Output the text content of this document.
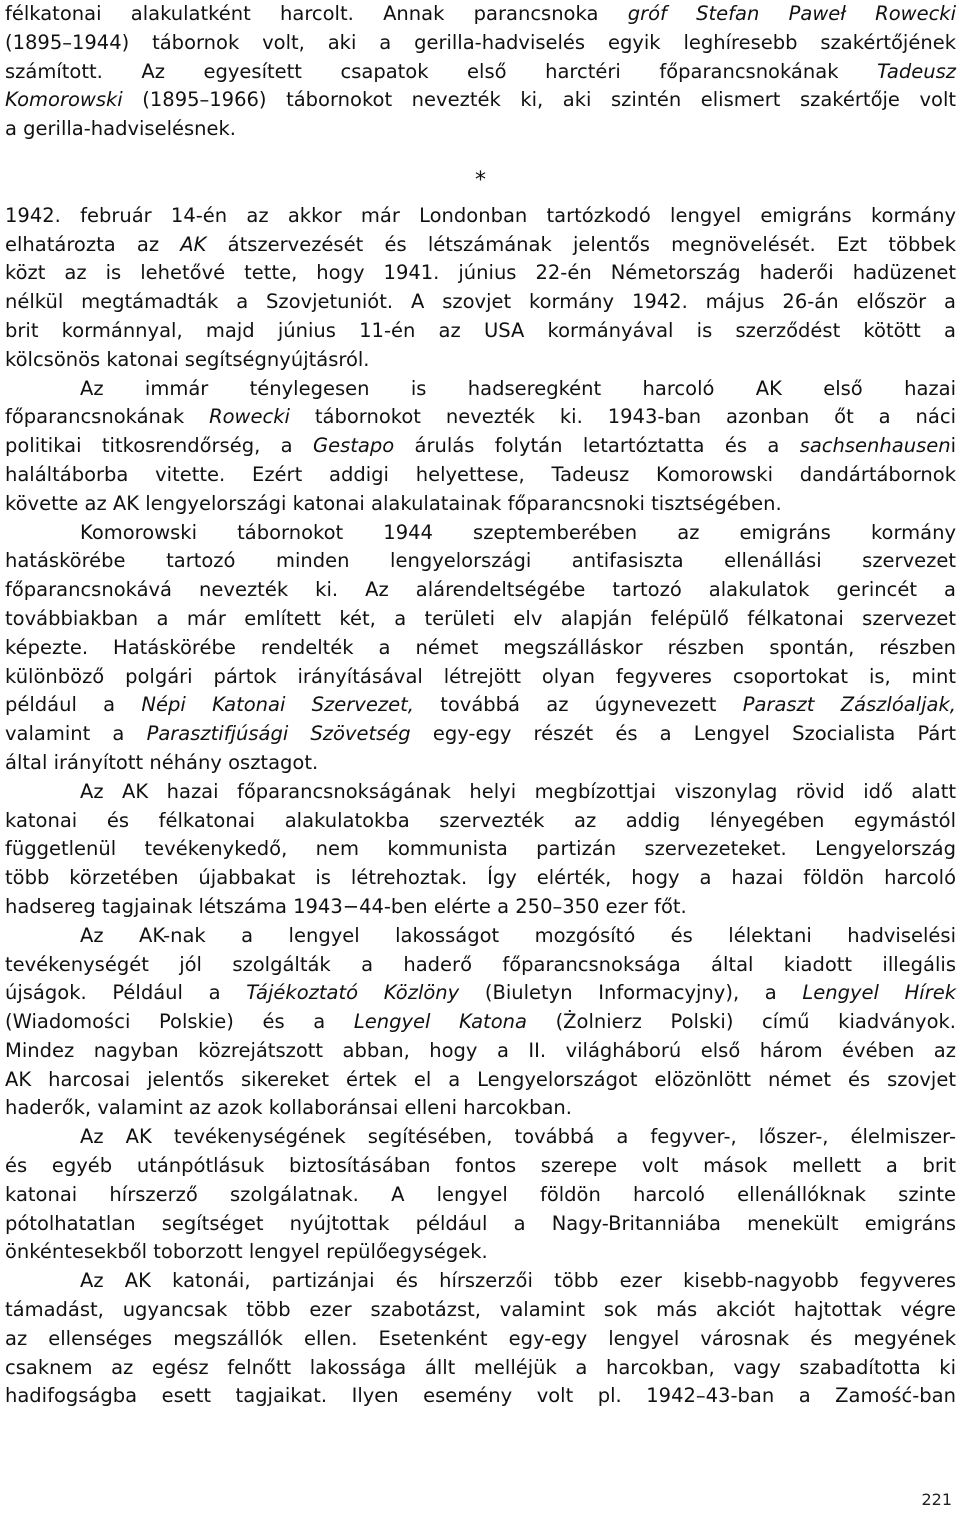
félkatonai alakulatként harcolt. Annak parancsnoka gróf Stefan Paweł Rowecki
(1895–1944) tábornok volt, aki a gerilla-hadviselés egyik leghíresebb szakértőjének
számított. Az egyesített csapatok első harctéri főparancsnokának Tadeusz
Komorowski (1895–1966) tábornokot nevezték ki, aki szintén elismert szakértője volt
a gerilla-hadviselésnek.
*
1942. február 14-én az akkor már Londonban tartózkodó lengyel emigráns kormány
elhatározta az AK átszervezését és létszámának jelentős megnövelését. Ezt többek
közt az is lehetővé tette, hogy 1941. június 22-én Németország haderői hadüzenet
nélkül megtámadták a Szovjetuniót. A szovjet kormány 1942. május 26-án először a
brit kormánnyal, majd június 11-én az USA kormányával is szerződést kötött a
kölcsönös katonai segítségnyújtásról.
Az immár ténylegesen is hadseregként harcoló AK első hazai
főparancsnokának Rowecki tábornokot nevezték ki. 1943-ban azonban őt a náci
politikai titkosrendőrség, a Gestapo árulás folytán letartóztatta és a sachsenhauseni
haláltáborba vitette. Ezért addigi helyettese, Tadeusz Komorowski dandártábornok
követte az AK lengyelországi katonai alakulatainak főparancsnoki tisztségében.
Komorowski tábornokot 1944 szeptemberében az emigráns kormány
hatáskörébe tartozó minden lengyelországi antifasiszta ellenállási szervezet
főparancsnokává nevezték ki. Az alárendeltségébe tartozó alakulatok gerincét a
továbbiakban a már említett két, a területi elv alapján felépülő félkatonai szervezet
képezte. Hatáskörébe rendelték a német megszálláskor részben spontán, részben
különböző polgári pártok irányításával létrejött olyan fegyveres csoportokat is, mint
például a Népi Katonai Szervezet, továbbá az úgynevezett Paraszt Zászlóaljak,
valamint a Parasztifjúsági Szövetség egy-egy részét és a Lengyel Szocialista Párt
által irányított néhány osztagot.
Az AK hazai főparancsnokságának helyi megbízottjai viszonylag rövid idő alatt
katonai és félkatonai alakulatokba szervezték az addig lényegében egymástól
függetlenül tevékenykedő, nem kommunista partizán szervezeteket. Lengyelország
több körzetében újabbakat is létrehoztak. Így elérték, hogy a hazai földön harcoló
hadsereg tagjainak létszáma 1943−44-ben elérte a 250–350 ezer főt.
Az AK-nak a lengyel lakosságot mozgósító és lélektani hadviselési
tevékenységét jól szolgálták a haderő főparancsnoksága által kiadott illegális
újságok. Például a Tájékoztató Közlöny (Biuletyn Informacyjny), a Lengyel Hírek
(Wiadomości Polskie) és a Lengyel Katona (Żolnierz Polski) című kiadványok.
Mindez nagyban közrejátszott abban, hogy a II. világháború első három évében az
AK harcosai jelentős sikereket értek el a Lengyelországot elözönlött német és szovjet
haderők, valamint az azok kollaboránsai elleni harcokban.
Az AK tevékenységének segítésében, továbbá a fegyver-, lőszer-, élelmiszer-
és egyéb utánpótlásuk biztosításában fontos szerepe volt mások mellett a brit
katonai hírszerző szolgálatnak. A lengyel földön harcoló ellenállóknak szinte
pótolhatatlan segítséget nyújtottak például a Nagy-Britanniába menekült emigráns
önkéntesekből toborzott lengyel repülőegységek.
Az AK katonái, partizánjai és hírszerzői több ezer kisebb-nagyobb fegyveres
támadást, ugyancsak több ezer szabotázst, valamint sok más akciót hajtottak végre
az ellenséges megszállók ellen. Esetenként egy-egy lengyel városnak és megyének
csaknem az egész felnőtt lakossága állt melléjük a harcokban, vagy szabadította ki
hadifogságba esett tagjaikat. Ilyen esemény volt pl. 1942–43-ban a Zamość-ban
221
